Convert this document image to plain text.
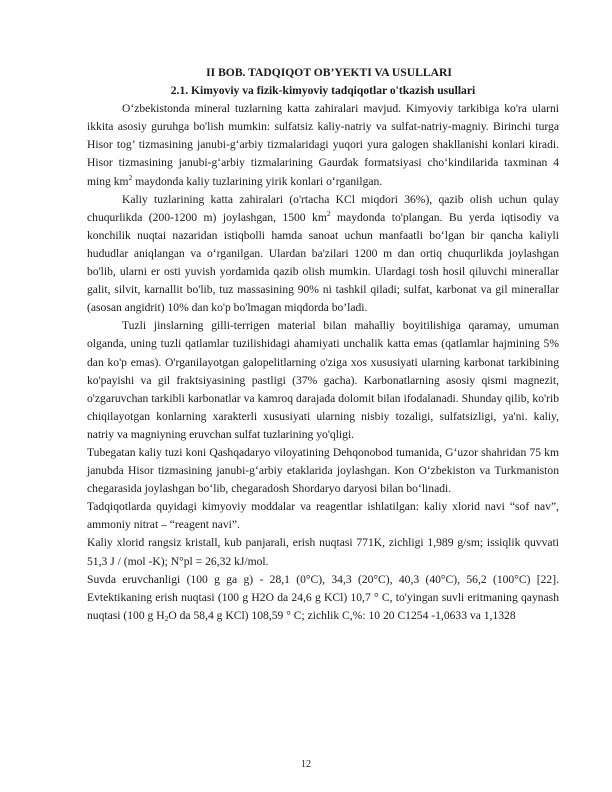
II BOB. TADQIQOT OB’YEKTI VA USULLARI

2.1. Kimyoviy va fizik-kimyoviy tadqiqotlar o'tkazish usullari

O‘zbekistonda mineral tuzlarning katta zahiralari mavjud. Kimyoviy tarkibiga ko'ra ularni ikkita asosiy guruhga bo'lish mumkin: sulfatsiz kaliy-natriy va sulfat-natriy-magniy. Birinchi turga Hisor tog’ tizmasining janubi-g‘arbiy tizmalaridagi yuqori yura galogen shakllanishi konlari kiradi. Hisor tizmasining janubi-g‘arbiy tizmalarining Gaurdak formatsiyasi cho‘kindilarida taxminan 4 ming $km^2$ maydonda kaliy tuzlarining yirik konlari o‘rganilgan.

Kaliy tuzlarining katta zahiralari (o'rtacha KCl miqdori 36%), qazib olish uchun qulay chuqurlikda (200-1200 m) joylashgan, 1500 $km^2$ maydonda to'plangan. Bu yerda iqtisodiy va konchilik nuqtai nazaridan istiqbolli hamda sanoat uchun manfaatli bo‘lgan bir qancha kaliyli hududlar aniqlangan va o‘rganilgan. Ulardan ba'zilari 1200 m dan ortiq chuqurlikda joylashgan bo'lib, ularni er osti yuvish yordamida qazib olish mumkin. Ulardagi tosh hosil qiluvchi minerallar galit, silvit, karnallit bo'lib, tuz massasining 90% ni tashkil qiladi; sulfat, karbonat va gil minerallar (asosan angidrit) 10% dan ko'p bo'lmagan miqdorda bo’ladi.

Tuzli jinslarning gilli-terrigen material bilan mahalliy boyitilishiga qaramay, umuman olganda, uning tuzli qatlamlar tuzilishidagi ahamiyati unchalik katta emas (qatlamlar hajmining 5% dan ko'p emas). O'rganilayotgan galopelitlarning o'ziga xos xususiyati ularning karbonat tarkibining ko'payishi va gil fraktsiyasining pastligi (37% gacha). Karbonatlarning asosiy qismi magnezit, o'zgaruvchan tarkibli karbonatlar va kamroq darajada dolomit bilan ifodalanadi. Shunday qilib, ko'rib chiqilayotgan konlarning xarakterli xususiyati ularning nisbiy tozaligi, sulfatsizligi, ya'ni. kaliy, natriy va magniyning eruvchan sulfat tuzlarining yo'qligi.

Tubegatan kaliy tuzi koni Qashqadaryo viloyatining Dehqonobod tumanida, G‘uzor shahridan 75 km janubda Hisor tizmasining janubi-g‘arbiy etaklarida joylashgan. Kon O‘zbekiston va Turkmaniston chegarasida joylashgan bo‘lib, chegaradosh Shordaryo daryosi bilan bo‘linadi.

Tadqiqotlarda quyidagi kimyoviy moddalar va reagentlar ishlatilgan: kaliy xlorid navi “sof nav”, ammoniy nitrat – “reagent navi”.

Kaliy xlorid rangsiz kristall, kub panjarali, erish nuqtasi 771K, zichligi 1,989 g/sm; issiqlik quvvati 51,3 J / (mol -K); N°pl = 26,32 kJ/mol.

Suvda eruvchanligi (100 g ga g) - 28,1 (0°C), 34,3 (20°C), 40,3 (40°C), 56,2 (100°C) [22]. Evtektikaning erish nuqtasi (100 g H2O da 24,6 g KCl) 10,7 ° C, to'yingan suvli eritmaning qaynash nuqtasi (100 g $H_2O$ da 58,4 g KCl) 108,59 ° C; zichlik C,%: 10 20 C1254 -1,0633 va 1,1328

12
